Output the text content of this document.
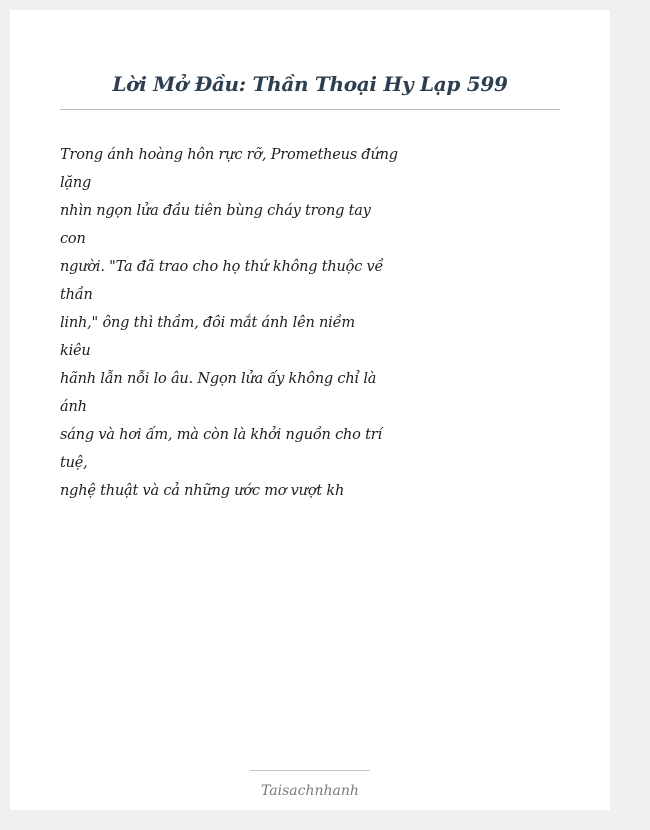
Lời Mở Đầu: Thần Thoại Hy Lạp 599
Trong ánh hoàng hôn rực rỡ, Prometheus đứng
lặng
nhìn ngọn lửa đầu tiên bùng cháy trong tay
con
người. "Ta đã trao cho họ thứ không thuộc về
thần
linh," ông thì thầm, đôi mắt ánh lên niềm
kiêu
hãnh lẫn nỗi lo âu. Ngọn lửa ấy không chỉ là
ánh
sáng và hơi ấm, mà còn là khởi nguồn cho trí
tuệ,
nghệ thuật và cả những ước mơ vượt kh
Taisachnhanh
